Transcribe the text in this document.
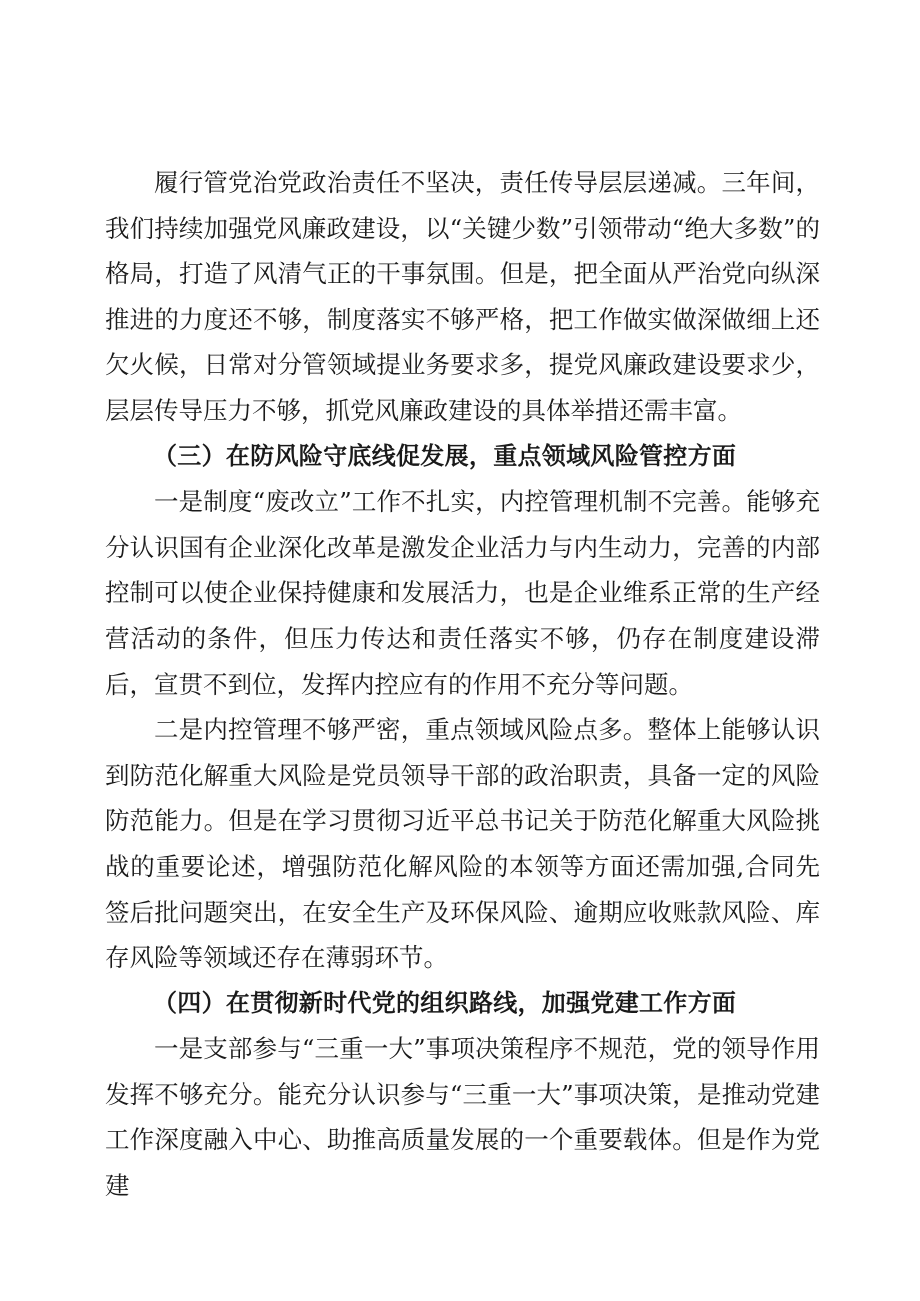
履行管党治党政治责任不坚决，责任传导层层递减。三年间，我们持续加强党风廉政建设，以“关键少数”引领带动“绝大多数”的格局，打造了风清气正的干事氛围。但是，把全面从严治党向纵深推进的力度还不够，制度落实不够严格，把工作做实做深做细上还欠火候，日常对分管领域提业务要求多，提党风廉政建设要求少，层层传导压力不够，抓党风廉政建设的具体举措还需丰富。

（三）在防风险守底线促发展，重点领域风险管控方面

一是制度“废改立”工作不扎实，内控管理机制不完善。能够充分认识国有企业深化改革是激发企业活力与内生动力，完善的内部控制可以使企业保持健康和发展活力，也是企业维系正常的生产经营活动的条件，但压力传达和责任落实不够，仍存在制度建设滞后，宣贯不到位，发挥内控应有的作用不充分等问题。

二是内控管理不够严密，重点领域风险点多。整体上能够认识到防范化解重大风险是党员领导干部的政治职责，具备一定的风险防范能力。但是在学习贯彻习近平总书记关于防范化解重大风险挑战的重要论述，增强防范化解风险的本领等方面还需加强,合同先签后批问题突出，在安全生产及环保风险、逾期应收账款风险、库存风险等领域还存在薄弱环节。

（四）在贯彻新时代党的组织路线，加强党建工作方面

一是支部参与“三重一大”事项决策程序不规范，党的领导作用发挥不够充分。能充分认识参与“三重一大”事项决策，是推动党建工作深度融入中心、助推高质量发展的一个重要载体。但是作为党建
